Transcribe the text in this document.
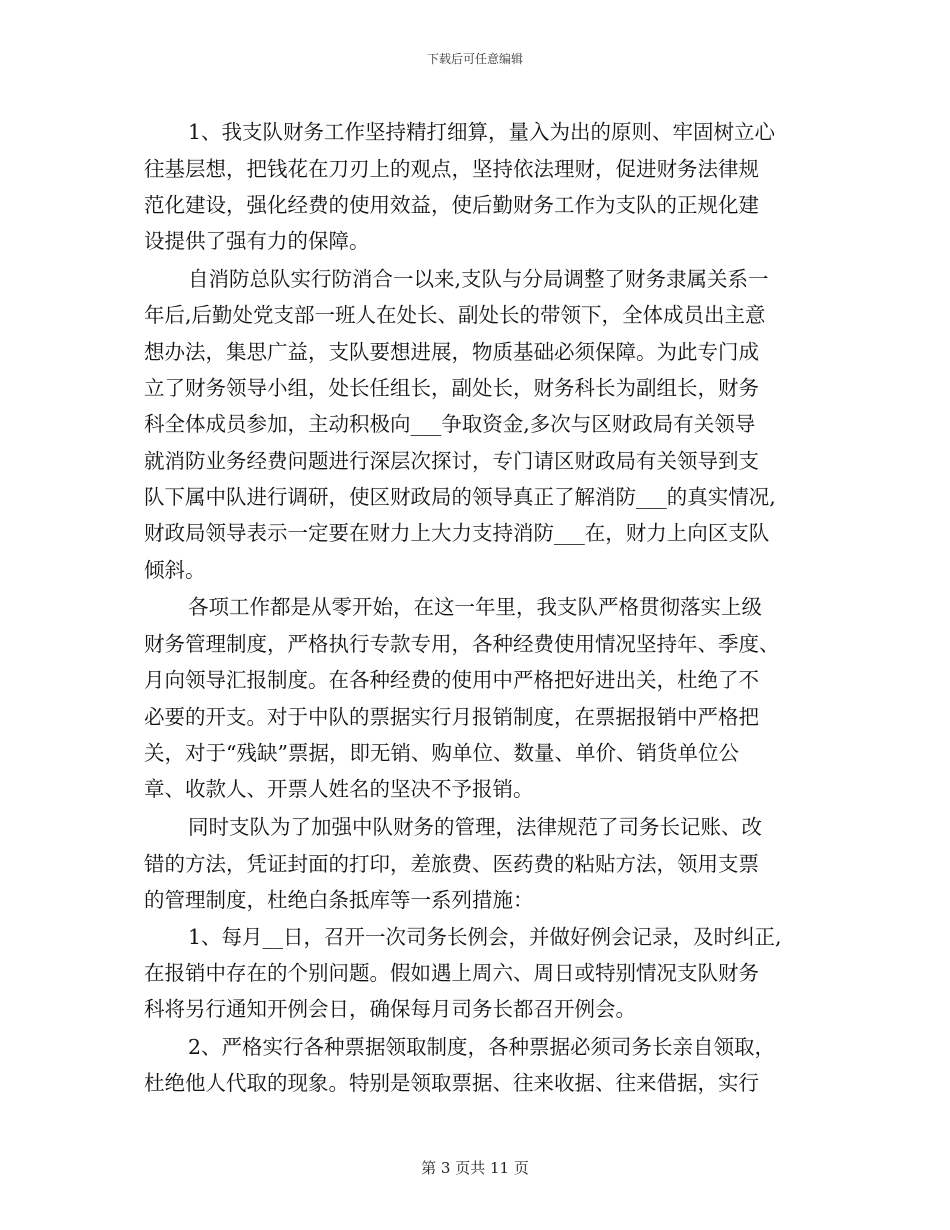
下载后可任意编辑
1、我支队财务工作坚持精打细算，量入为出的原则、牢固树立心
往基层想，把钱花在刀刃上的观点，坚持依法理财，促进财务法律规
范化建设，强化经费的使用效益，使后勤财务工作为支队的正规化建
设提供了强有力的保障。
自消防总队实行防消合一以来,支队与分局调整了财务隶属关系一
年后,后勤处党支部一班人在处长、副处长的带领下，全体成员出主意
想办法，集思广益，支队要想进展，物质基础必须保障。为此专门成
立了财务领导小组，处长任组长，副处长，财务科长为副组长，财务
科全体成员参加，主动积极向___争取资金,多次与区财政局有关领导
就消防业务经费问题进行深层次探讨，专门请区财政局有关领导到支
队下属中队进行调研，使区财政局的领导真正了解消防___的真实情况,
财政局领导表示一定要在财力上大力支持消防___在，财力上向区支队
倾斜。
各项工作都是从零开始，在这一年里，我支队严格贯彻落实上级
财务管理制度，严格执行专款专用，各种经费使用情况坚持年、季度、
月向领导汇报制度。在各种经费的使用中严格把好进出关，杜绝了不
必要的开支。对于中队的票据实行月报销制度，在票据报销中严格把
关，对于“残缺”票据，即无销、购单位、数量、单价、销货单位公
章、收款人、开票人姓名的坚决不予报销。
同时支队为了加强中队财务的管理，法律规范了司务长记账、改
错的方法，凭证封面的打印，差旅费、医药费的粘贴方法，领用支票
的管理制度，杜绝白条抵库等一系列措施：
1、每月__日，召开一次司务长例会，并做好例会记录，及时纠正,
在报销中存在的个别问题。假如遇上周六、周日或特别情况支队财务
科将另行通知开例会日，确保每月司务长都召开例会。
2、严格实行各种票据领取制度，各种票据必须司务长亲自领取，
杜绝他人代取的现象。特别是领取票据、往来收据、往来借据，实行
第 3 页共 11 页
